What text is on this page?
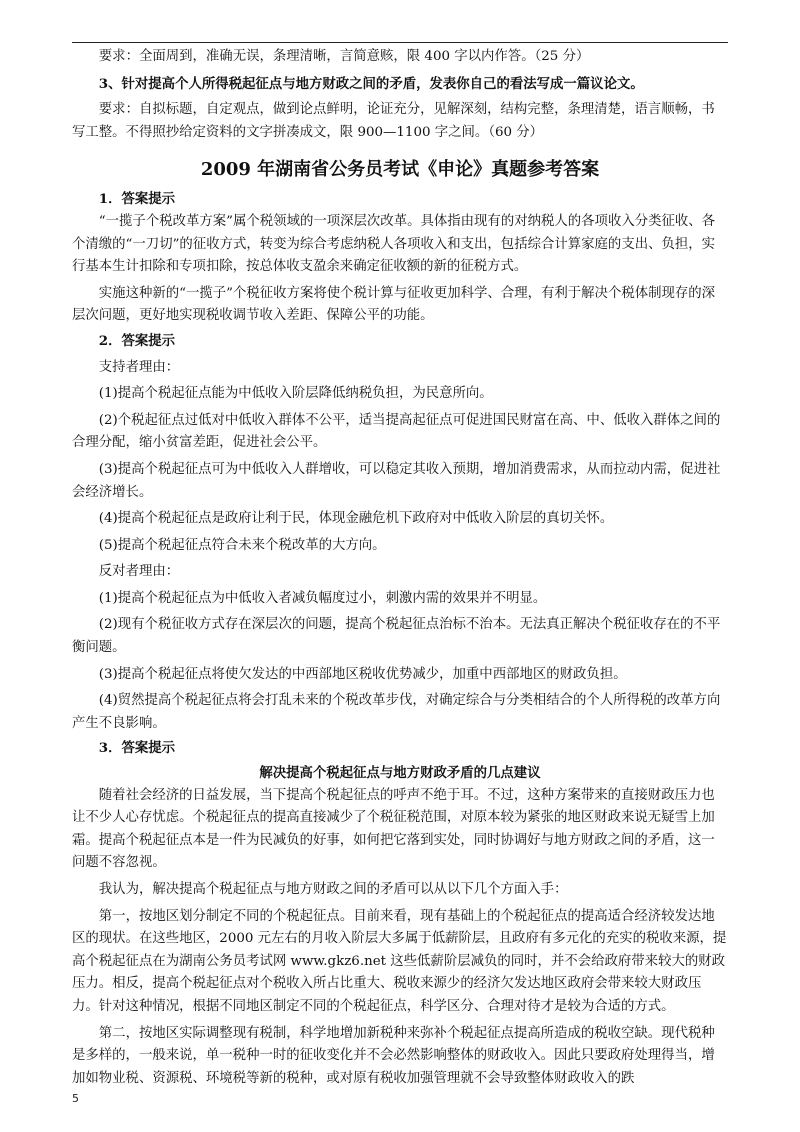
要求：全面周到，准确无误，条理清晰，言简意赅，限 400 字以内作答。（25 分）

3、针对提高个人所得税起征点与地方财政之间的矛盾，发表你自己的看法写成一篇议论文。

要求：自拟标题，自定观点，做到论点鲜明，论证充分，见解深刻，结构完整，条理清楚，语言顺畅，书写工整。不得照抄给定资料的文字拼凑成文，限 900—1100 字之间。（60 分）

2009 年湖南省公务员考试《申论》真题参考答案

1．答案提示

“一揽子个税改革方案”属个税领域的一项深层次改革。具体指由现有的对纳税人的各项收入分类征收、各个清缴的“一刀切”的征收方式，转变为综合考虑纳税人各项收入和支出，包括综合计算家庭的支出、负担，实行基本生计扣除和专项扣除，按总体收支盈余来确定征收额的新的征税方式。

实施这种新的“一揽子”个税征收方案将使个税计算与征收更加科学、合理，有利于解决个税体制现存的深层次问题，更好地实现税收调节收入差距、保障公平的功能。

2．答案提示

支持者理由：

(1)提高个税起征点能为中低收入阶层降低纳税负担，为民意所向。

(2)个税起征点过低对中低收入群体不公平，适当提高起征点可促进国民财富在高、中、低收入群体之间的合理分配，缩小贫富差距，促进社会公平。

(3)提高个税起征点可为中低收入人群增收，可以稳定其收入预期，增加消费需求，从而拉动内需，促进社会经济增长。

(4)提高个税起征点是政府让利于民，体现金融危机下政府对中低收入阶层的真切关怀。

(5)提高个税起征点符合未来个税改革的大方向。

反对者理由：

(1)提高个税起征点为中低收入者减负幅度过小，刺激内需的效果并不明显。

(2)现有个税征收方式存在深层次的问题，提高个税起征点治标不治本。无法真正解决个税征收存在的不平衡问题。

(3)提高个税起征点将使欠发达的中西部地区税收优势减少，加重中西部地区的财政负担。

(4)贸然提高个税起征点将会打乱未来的个税改革步伐，对确定综合与分类相结合的个人所得税的改革方向产生不良影响。

3．答案提示

解决提高个税起征点与地方财政矛盾的几点建议

随着社会经济的日益发展，当下提高个税起征点的呼声不绝于耳。不过，这种方案带来的直接财政压力也让不少人心存忧虑。个税起征点的提高直接减少了个税征税范围，对原本较为紧张的地区财政来说无疑雪上加霜。提高个税起征点本是一件为民减负的好事，如何把它落到实处，同时协调好与地方财政之间的矛盾，这一问题不容忽视。

我认为，解决提高个税起征点与地方财政之间的矛盾可以从以下几个方面入手：

第一，按地区划分制定不同的个税起征点。目前来看，现有基础上的个税起征点的提高适合经济较发达地区的现状。在这些地区，2000 元左右的月收入阶层大多属于低薪阶层，且政府有多元化的充实的税收来源，提高个税起征点在为湖南公务员考试网 www.gkz6.net 这些低薪阶层减负的同时，并不会给政府带来较大的财政压力。相反，提高个税起征点对个税收入所占比重大、税收来源少的经济欠发达地区政府会带来较大财政压力。针对这种情况，根据不同地区制定不同的个税起征点，科学区分、合理对待才是较为合适的方式。

第二，按地区实际调整现有税制，科学地增加新税种来弥补个税起征点提高所造成的税收空缺。现代税种是多样的，一般来说，单一税种一时的征收变化并不会必然影响整体的财政收入。因此只要政府处理得当，增加如物业税、资源税、环境税等新的税种，或对原有税收加强管理就不会导致整体财政收入的跌

5
